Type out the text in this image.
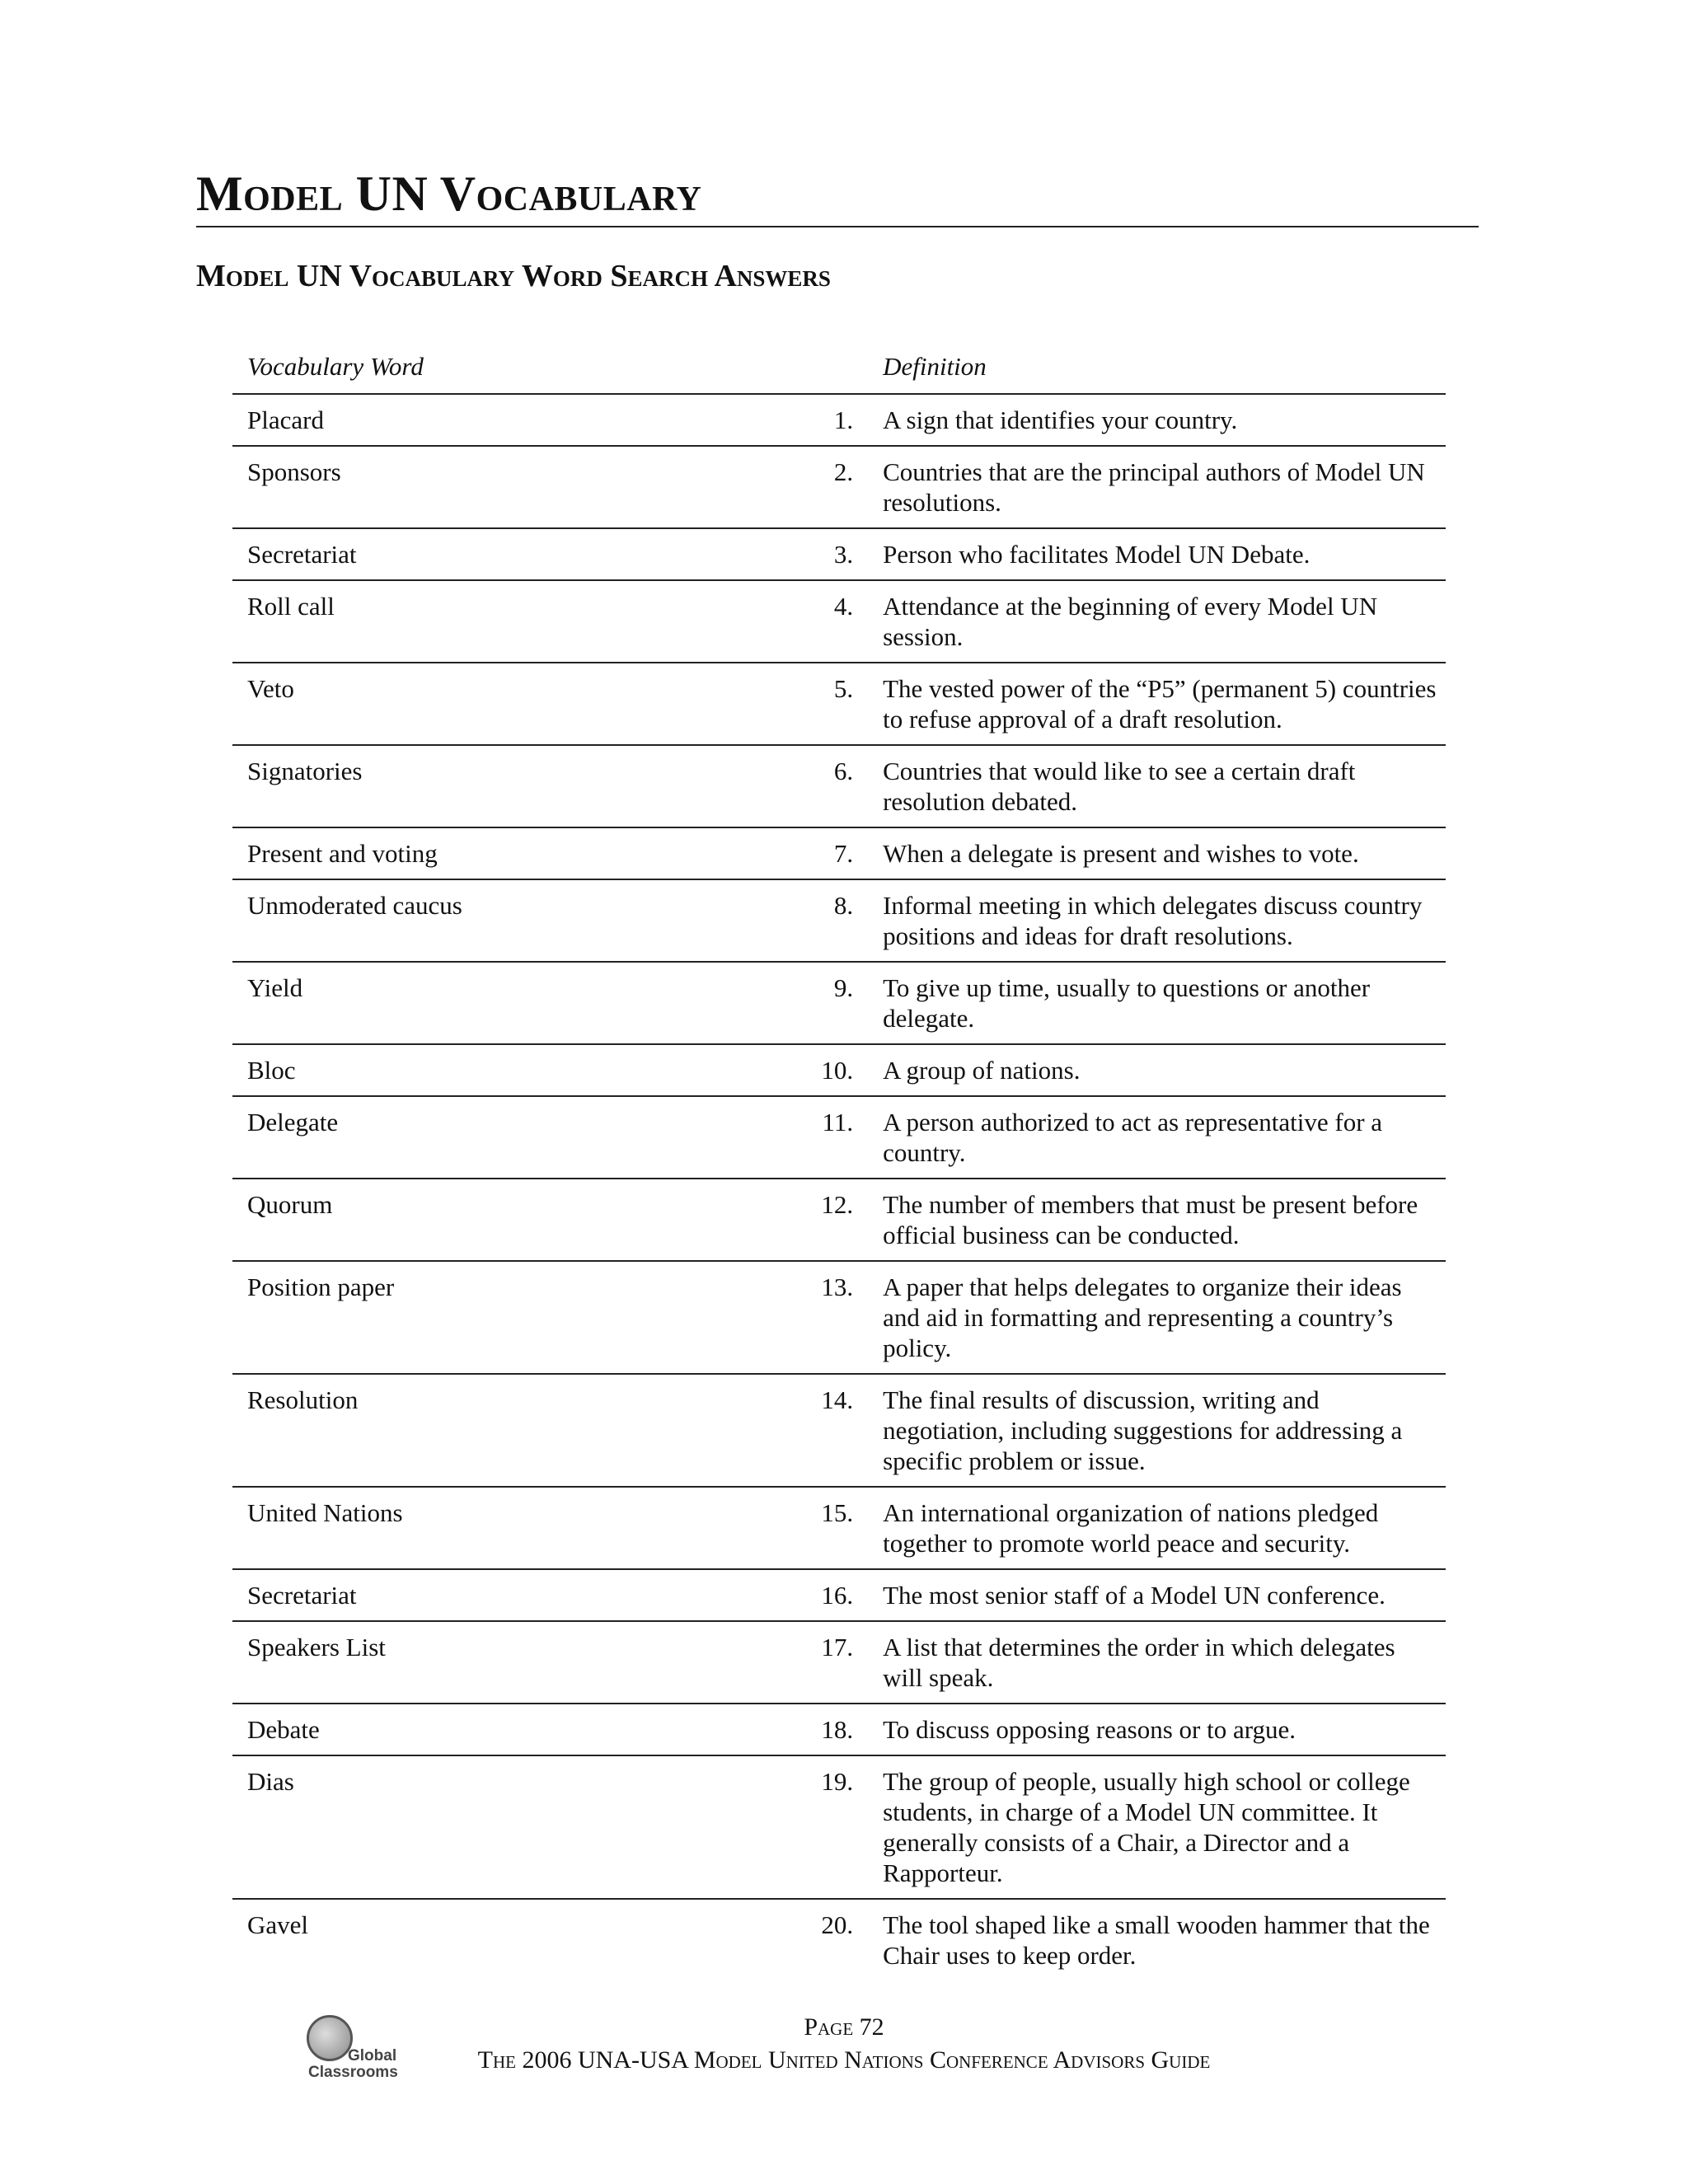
Model UN Vocabulary
Model UN Vocabulary Word Search Answers
Vocabulary Word		Definition
Placard	1.	A sign that identifies your country.
Sponsors	2.	Countries that are the principal authors of Model UN resolutions.
Secretariat	3.	Person who facilitates Model UN Debate.
Roll call	4.	Attendance at the beginning of every Model UN session.
Veto	5.	The vested power of the “P5” (permanent 5) countries to refuse approval of a draft resolution.
Signatories	6.	Countries that would like to see a certain draft resolution debated.
Present and voting	7.	When a delegate is present and wishes to vote.
Unmoderated caucus	8.	Informal meeting in which delegates discuss country positions and ideas for draft resolutions.
Yield	9.	To give up time, usually to questions or another delegate.
Bloc	10.	A group of nations.
Delegate	11.	A person authorized to act as representative for a country.
Quorum	12.	The number of members that must be present before official business can be conducted.
Position paper	13.	A paper that helps delegates to organize their ideas and aid in formatting and representing a country’s policy.
Resolution	14.	The final results of discussion, writing and negotiation, including suggestions for addressing a specific problem or issue.
United Nations	15.	An international organization of nations pledged together to promote world peace and security.
Secretariat	16.	The most senior staff of a Model UN conference.
Speakers List	17.	A list that determines the order in which delegates will speak.
Debate	18.	To discuss opposing reasons or to argue.
Dias	19.	The group of people, usually high school or college students, in charge of a Model UN committee. It generally consists of a Chair, a Director and a Rapporteur.
Gavel	20.	The tool shaped like a small wooden hammer that the Chair uses to keep order.
Global
Classrooms
Page 72
The 2006 UNA-USA Model United Nations Conference Advisors Guide
